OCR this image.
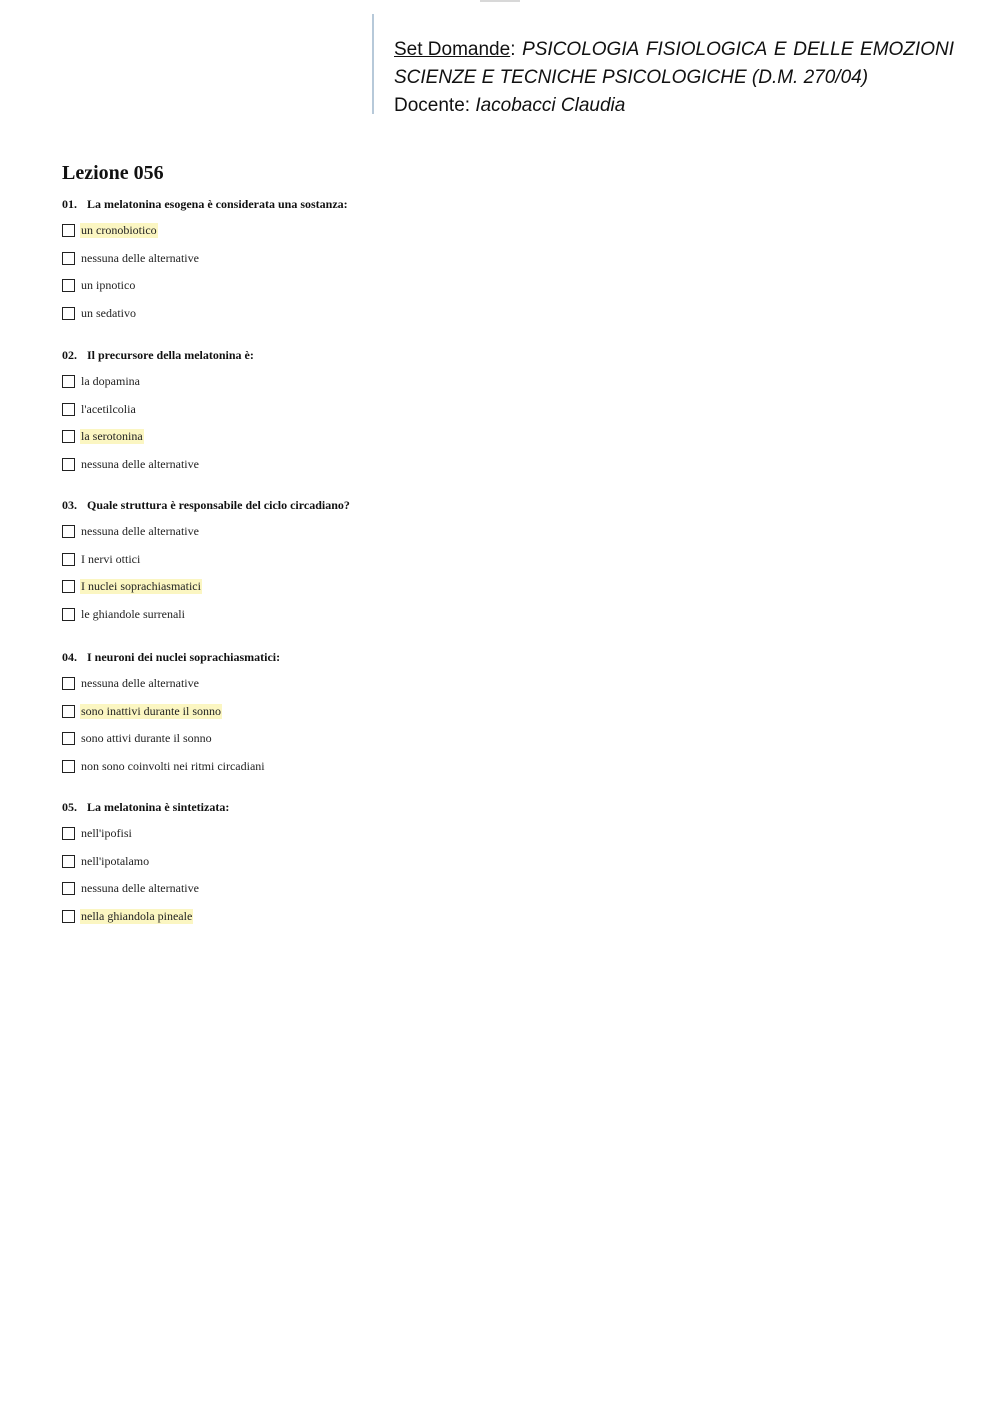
Set Domande: PSICOLOGIA FISIOLOGICA E DELLE EMOZIONI
SCIENZE E TECNICHE PSICOLOGICHE (D.M. 270/04)
Docente: Iacobacci Claudia
Lezione 056
01. La melatonina esogena è considerata una sostanza:
un cronobiotico
nessuna delle alternative
un ipnotico
un sedativo
02. Il precursore della melatonina è:
la dopamina
l'acetilcolia
la serotonina
nessuna delle alternative
03. Quale struttura è responsabile del ciclo circadiano?
nessuna delle alternative
I nervi ottici
I nuclei soprachiasmatici
le ghiandole surrenali
04. I neuroni dei nuclei soprachiasmatici:
nessuna delle alternative
sono inattivi durante il sonno
sono attivi durante il sonno
non sono coinvolti nei ritmi circadiani
05. La melatonina è sintetizata:
nell'ipofisi
nell'ipotalamo
nessuna delle alternative
nella ghiandola pineale
